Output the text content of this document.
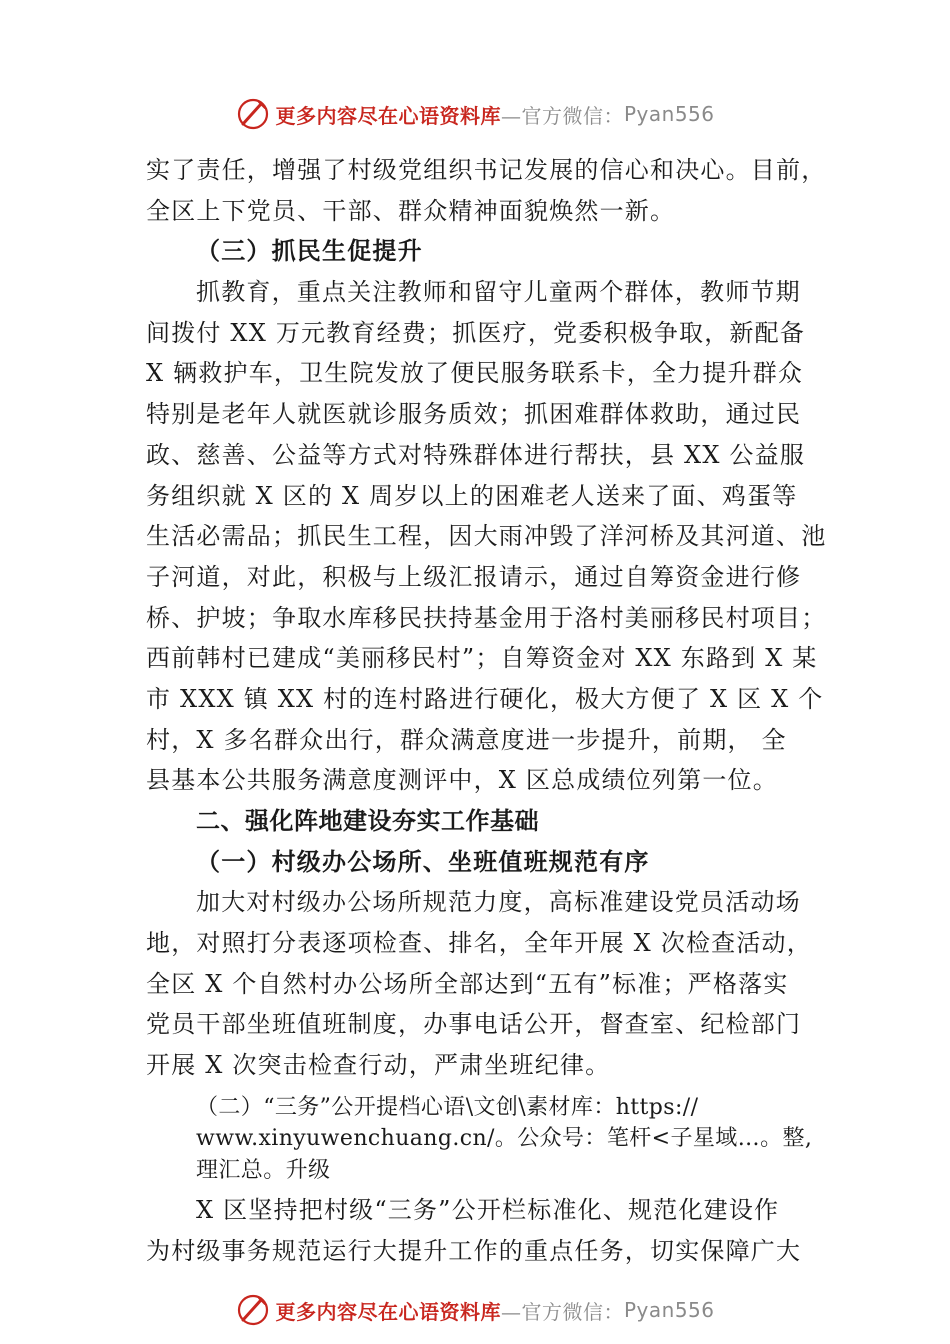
更多内容尽在心语资料库 —官方微信： Pyan556
实了责任，增强了村级党组织书记发展的信心和决心。目前，
全区上下党员、干部、群众精神面貌焕然一新。
（三）抓民生促提升
抓教育，重点关注教师和留守儿童两个群体，教师节期
间拨付 XX 万元教育经费；抓医疗，党委积极争取，新配备
X 辆救护车，卫生院发放了便民服务联系卡，全力提升群众
特别是老年人就医就诊服务质效；抓困难群体救助，通过民
政、慈善、公益等方式对特殊群体进行帮扶，县 XX 公益服
务组织就 X 区的 X 周岁以上的困难老人送来了面、鸡蛋等
生活必需品；抓民生工程，因大雨冲毁了洋河桥及其河道、池
子河道，对此，积极与上级汇报请示，通过自筹资金进行修
桥、护坡；争取水库移民扶持基金用于洛村美丽移民村项目；
西前韩村已建成“美丽移民村”；自筹资金对 XX 东路到 X 某
市 XXX 镇 XX 村的连村路进行硬化，极大方便了 X 区 X 个
村，X 多名群众出行，群众满意度进一步提升，前期， 全
县基本公共服务满意度测评中，X 区总成绩位列第一位。
二、强化阵地建设夯实工作基础
（一）村级办公场所、坐班值班规范有序
加大对村级办公场所规范力度，高标准建设党员活动场
地，对照打分表逐项检查、排名，全年开展 X 次检查活动，
全区 X 个自然村办公场所全部达到“五有”标准；严格落实
党员干部坐班值班制度，办事电话公开，督查室、纪检部门
开展 X 次突击检查行动，严肃坐班纪律。
（二）“三务”公开提档心语\文创\素材库：https://
www.xinyuwenchuang.cn/。公众号：笔杆<子星域…。整,
理汇总。升级
X 区坚持把村级“三务”公开栏标准化、规范化建设作
为村级事务规范运行大提升工作的重点任务，切实保障广大
更多内容尽在心语资料库 —官方微信： Pyan556
